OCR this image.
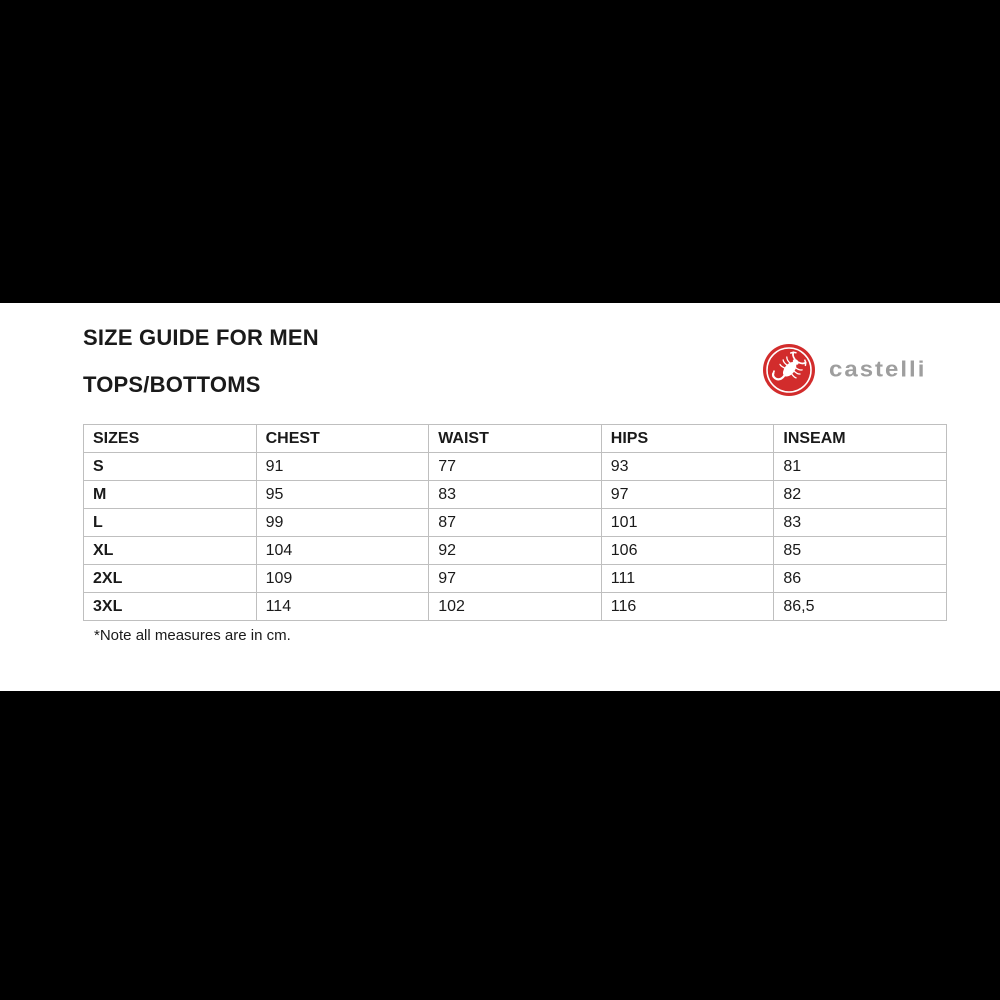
SIZE GUIDE FOR MEN
TOPS/BOTTOMS
castelli
SIZES	CHEST	WAIST	HIPS	INSEAM
S	91	77	93	81
M	95	83	97	82
L	99	87	101	83
XL	104	92	106	85
2XL	109	97	111	86
3XL	114	102	116	86,5

*Note all measures are in cm.
